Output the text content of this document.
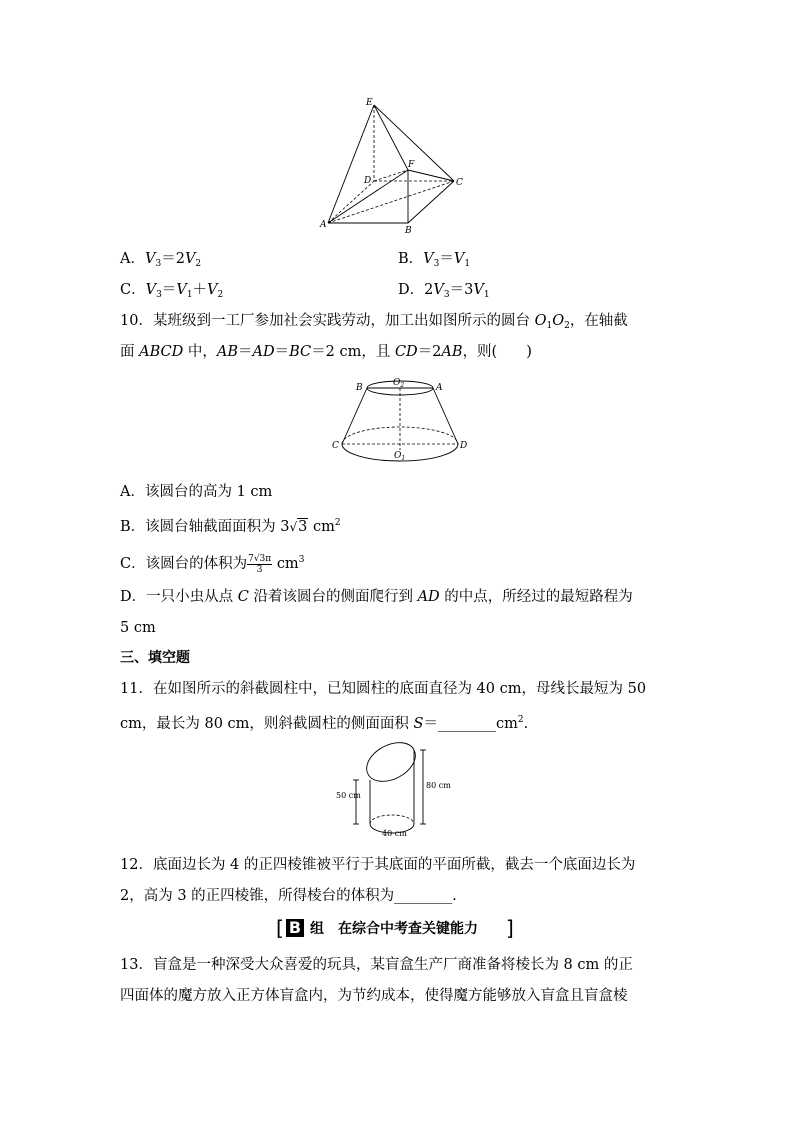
E
F
D	C
A
B
A．$V_3=2V_2$	B．$V_3=V_1$
C．$V_3=V_1+V_2$	D．$2V_3=3V_1$
10．某班级到一工厂参加社会实践劳动，加工出如图所示的圆台 $O_1O_2$，在轴截
面 ABCD 中，AB＝AD＝BC＝2 cm，且 CD＝2AB，则(　　)
B	A
$O_2$
C	D
$O_1$
A．该圆台的高为 1 cm
B．该圆台轴截面面积为 3√3 $cm^2$
C．该圆台的体积为 $\frac{7√3\pi}{3} cm^3$
D．一只小虫从点 C 沿着该圆台的侧面爬行到 AD 的中点，所经过的最短路程为
5 cm
三、填空题
11．在如图所示的斜截圆柱中，已知圆柱的底面直径为 40 cm，母线长最短为 50
cm，最长为 80 cm，则斜截圆柱的侧面面积 $S=\_\_\_\_\_\_\_\_cm^2$.
50 cm
80 cm
40 cm
12．底面边长为 4 的正四棱锥被平行于其底面的平面所截，截去一个底面边长为
2，高为 3 的正四棱锥，所得棱台的体积为________.
[ B 组　在综合中考查关键能力 ]
13．盲盒是一种深受大众喜爱的玩具，某盲盒生产厂商准备将棱长为 8 cm 的正
四面体的魔方放入正方体盲盒内，为节约成本，使得魔方能够放入盲盒且盲盒棱
